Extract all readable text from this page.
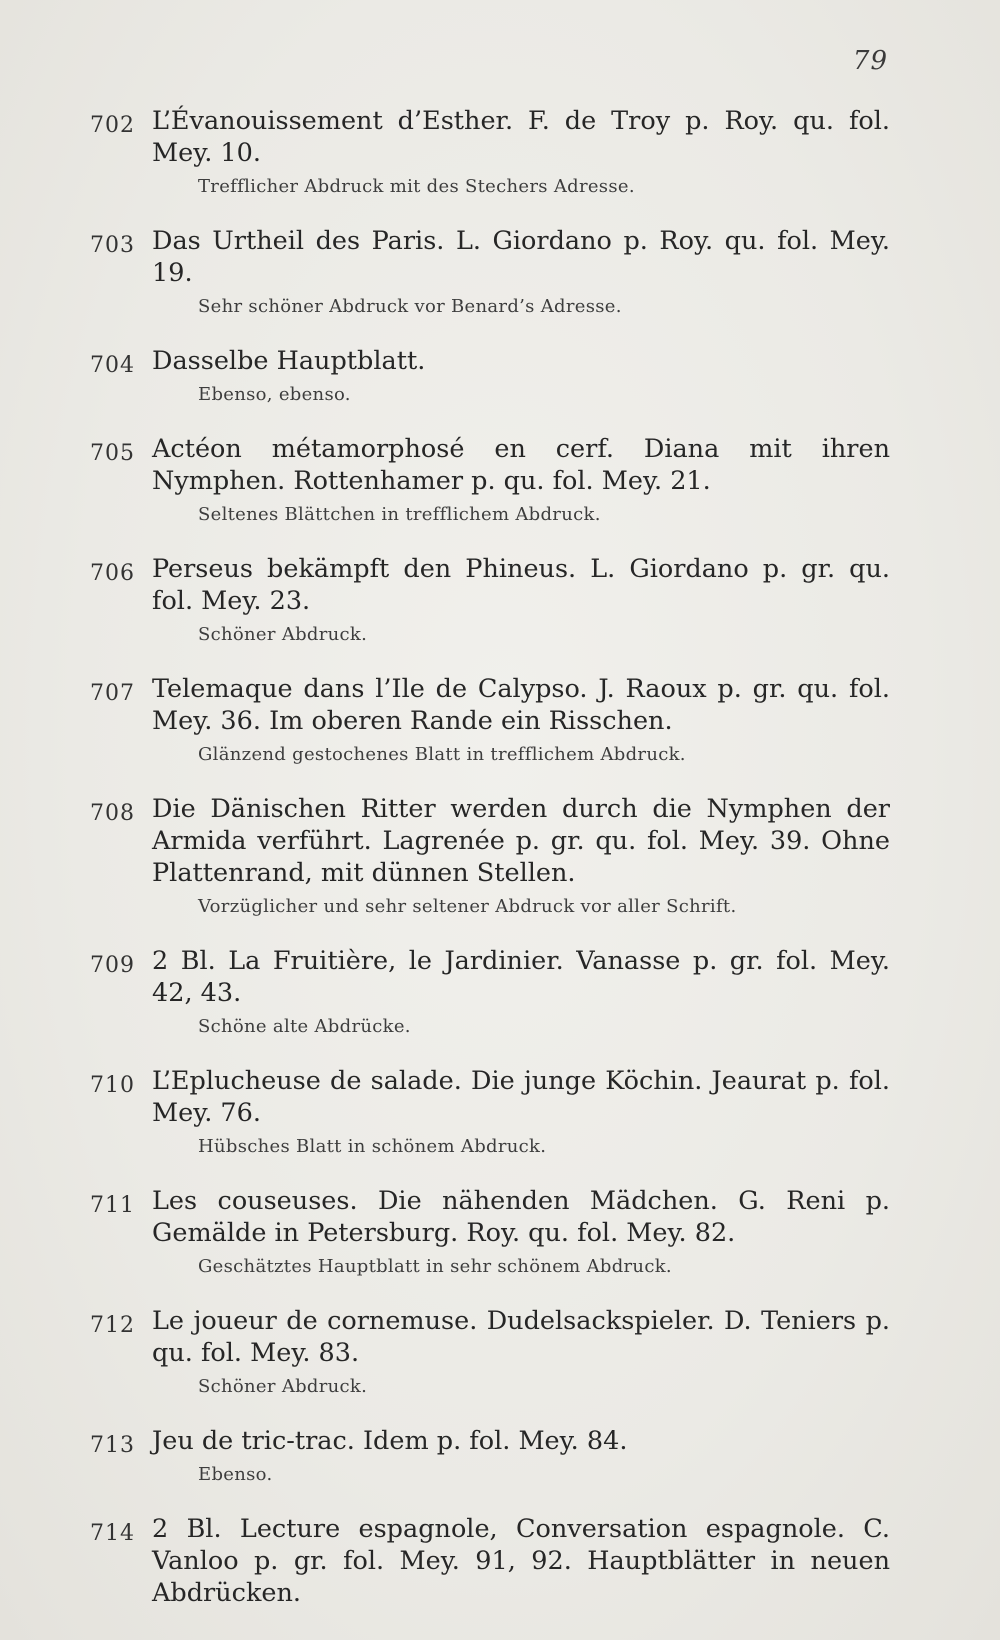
79
702 L’Évanouissement d’Esther. F. de Troy p. Roy. qu. fol. Mey. 10.
Trefflicher Abdruck mit des Stechers Adresse.
703 Das Urtheil des Paris. L. Giordano p. Roy. qu. fol. Mey. 19.
Sehr schöner Abdruck vor Benard’s Adresse.
704 Dasselbe Hauptblatt.
Ebenso, ebenso.
705 Actéon métamorphosé en cerf. Diana mit ihren Nymphen. Rottenhamer p. qu. fol. Mey. 21.
Seltenes Blättchen in trefflichem Abdruck.
706 Perseus bekämpft den Phineus. L. Giordano p. gr. qu. fol. Mey. 23.
Schöner Abdruck.
707 Telemaque dans l’Ile de Calypso. J. Raoux p. gr. qu. fol. Mey. 36. Im oberen Rande ein Risschen.
Glänzend gestochenes Blatt in trefflichem Abdruck.
708 Die Dänischen Ritter werden durch die Nymphen der Armida verführt. Lagrenée p. gr. qu. fol. Mey. 39. Ohne Plattenrand, mit dünnen Stellen.
Vorzüglicher und sehr seltener Abdruck vor aller Schrift.
709 2 Bl. La Fruitière, le Jardinier. Vanasse p. gr. fol. Mey. 42, 43.
Schöne alte Abdrücke.
710 L’Eplucheuse de salade. Die junge Köchin. Jeaurat p. fol. Mey. 76.
Hübsches Blatt in schönem Abdruck.
711 Les couseuses. Die nähenden Mädchen. G. Reni p. Gemälde in Petersburg. Roy. qu. fol. Mey. 82.
Geschätztes Hauptblatt in sehr schönem Abdruck.
712 Le joueur de cornemuse. Dudelsackspieler. D. Teniers p. qu. fol. Mey. 83.
Schöner Abdruck.
713 Jeu de tric-trac. Idem p. fol. Mey. 84.
Ebenso.
714 2 Bl. Lecture espagnole, Conversation espagnole. C. Vanloo p. gr. fol. Mey. 91, 92. Hauptblätter in neuen Abdrücken.
